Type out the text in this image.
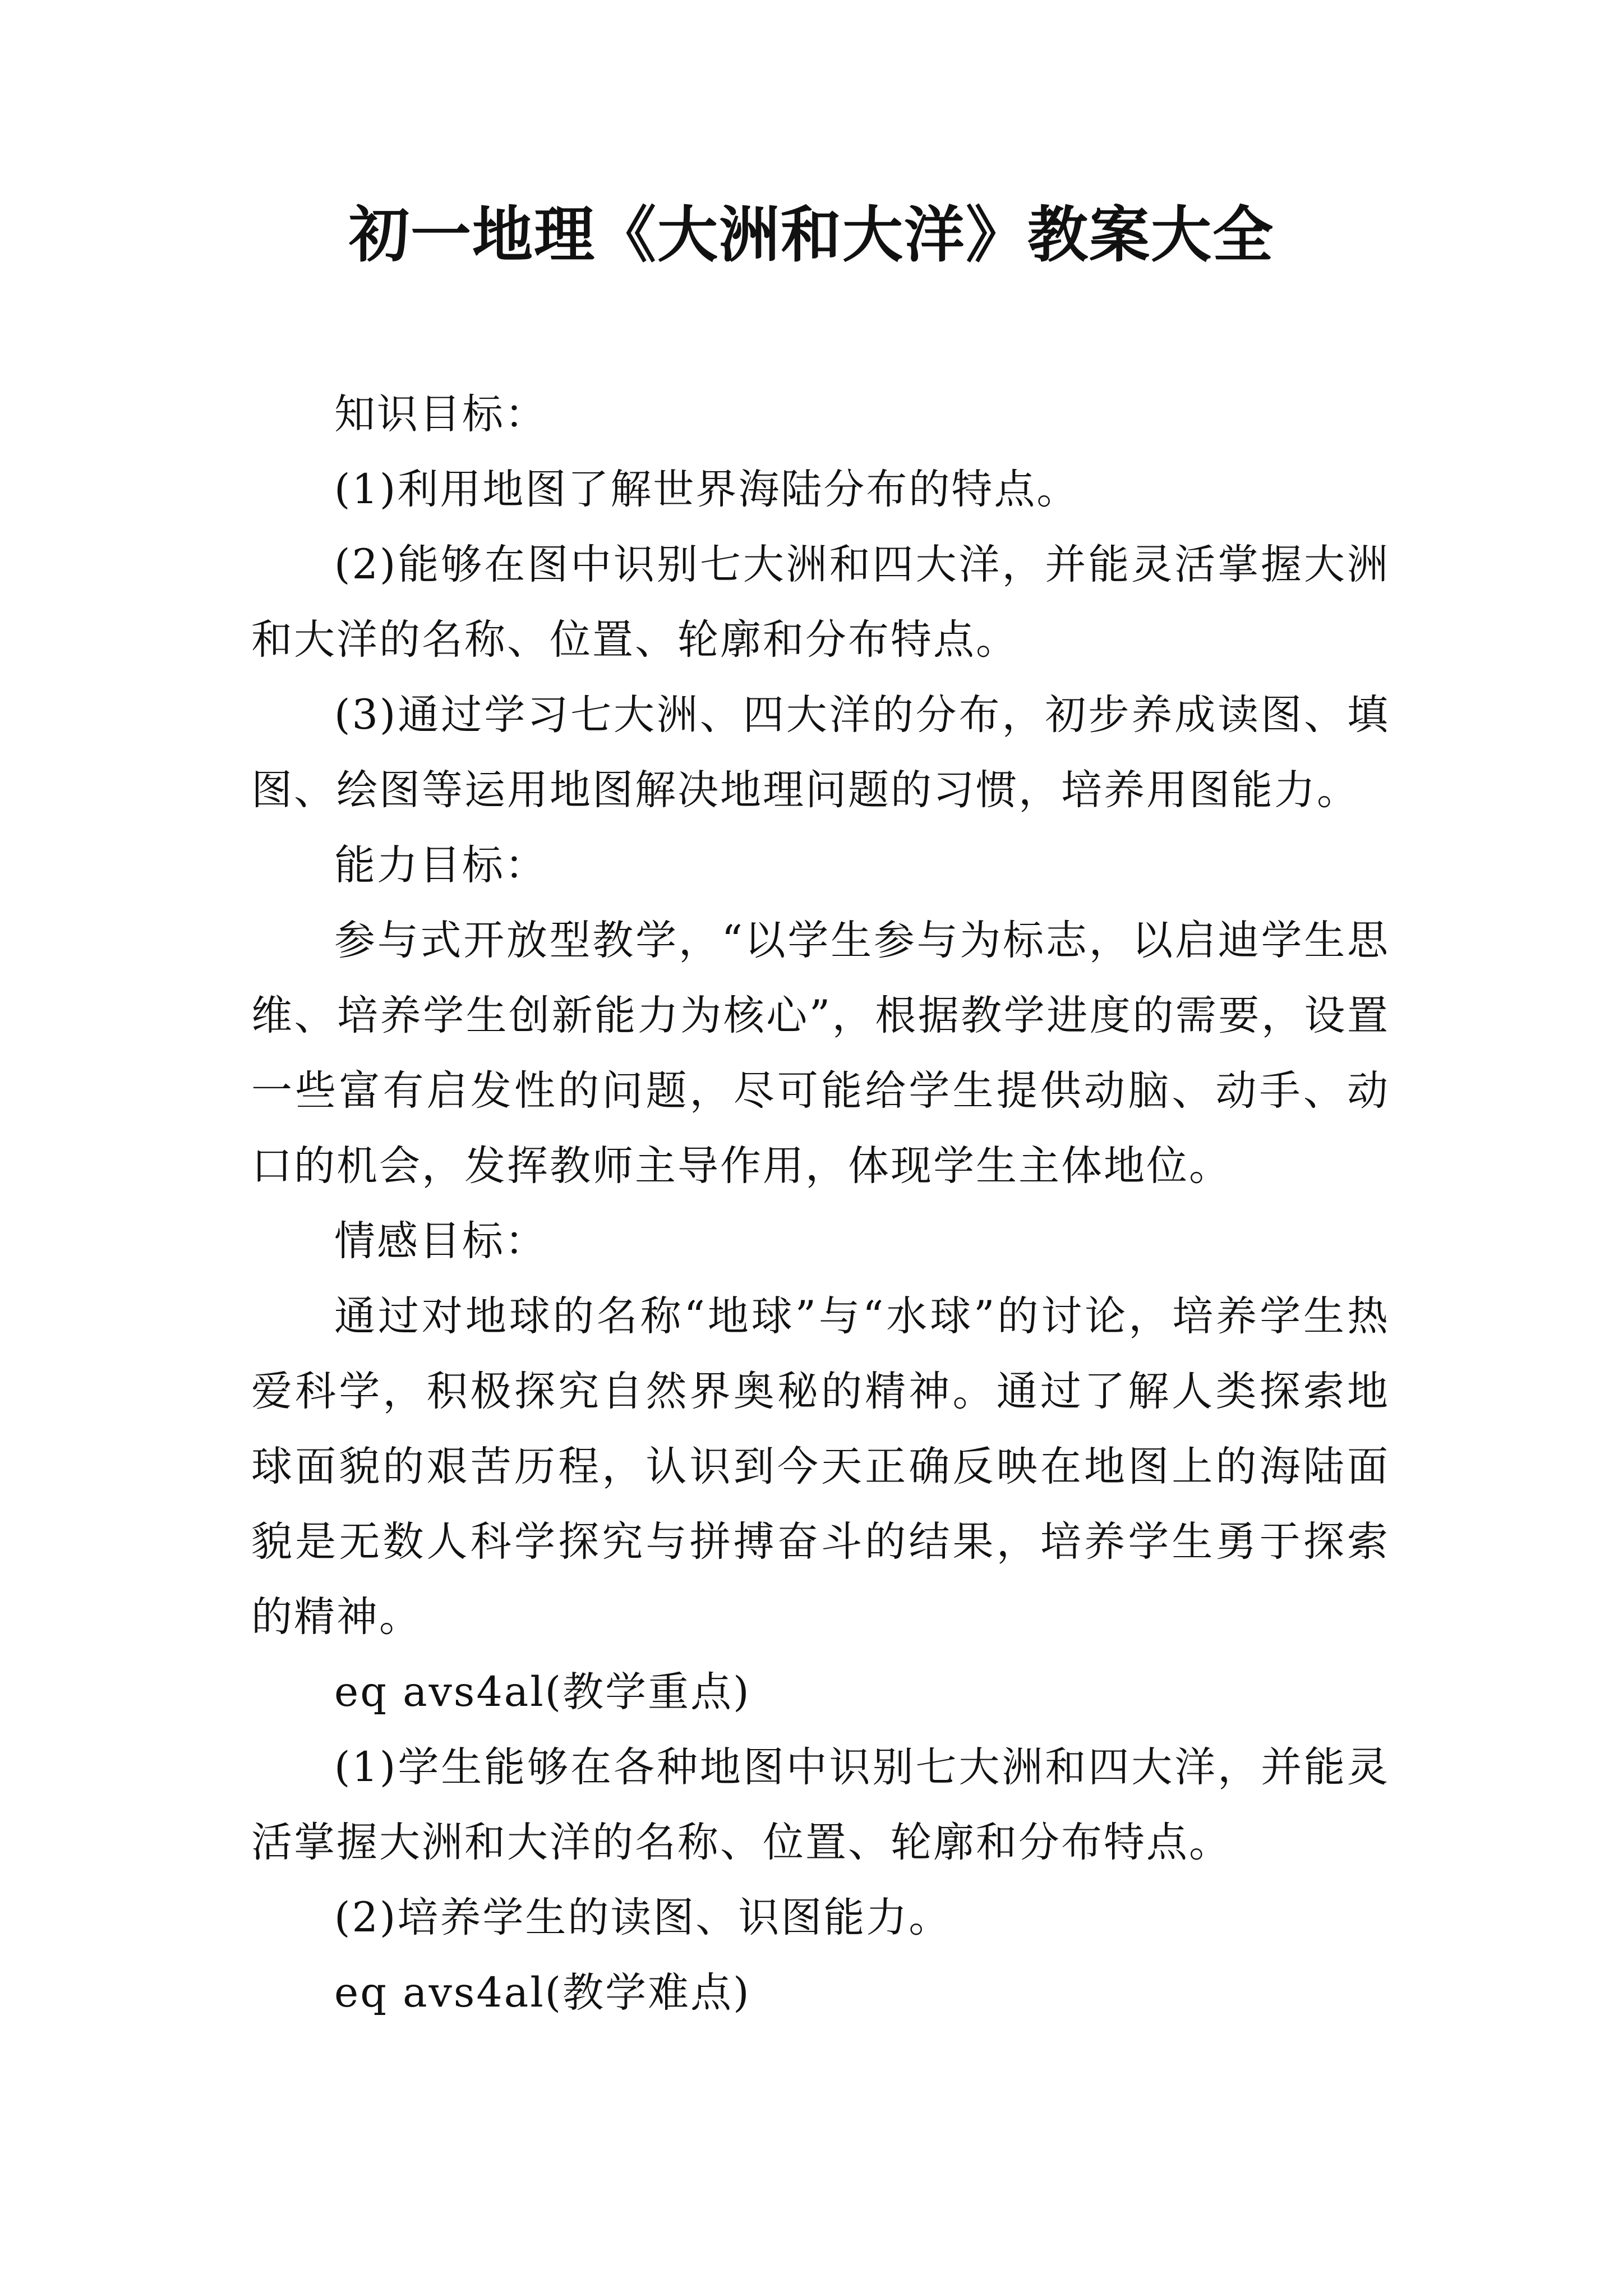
初一地理《大洲和大洋》教案大全

知识目标：

(1)利用地图了解世界海陆分布的特点。

(2)能够在图中识别七大洲和四大洋，并能灵活掌握大洲和大洋的名称、位置、轮廓和分布特点。

(3)通过学习七大洲、四大洋的分布，初步养成读图、填图、绘图等运用地图解决地理问题的习惯，培养用图能力。

能力目标：

参与式开放型教学，“以学生参与为标志，以启迪学生思维、培养学生创新能力为核心”，根据教学进度的需要，设置一些富有启发性的问题，尽可能给学生提供动脑、动手、动口的机会，发挥教师主导作用，体现学生主体地位。

情感目标：

通过对地球的名称“地球”与“水球”的讨论，培养学生热爱科学，积极探究自然界奥秘的精神。通过了解人类探索地球面貌的艰苦历程，认识到今天正确反映在地图上的海陆面貌是无数人科学探究与拼搏奋斗的结果，培养学生勇于探索的精神。

eq avs4al(教学重点)

(1)学生能够在各种地图中识别七大洲和四大洋，并能灵活掌握大洲和大洋的名称、位置、轮廓和分布特点。

(2)培养学生的读图、识图能力。

eq avs4al(教学难点)
